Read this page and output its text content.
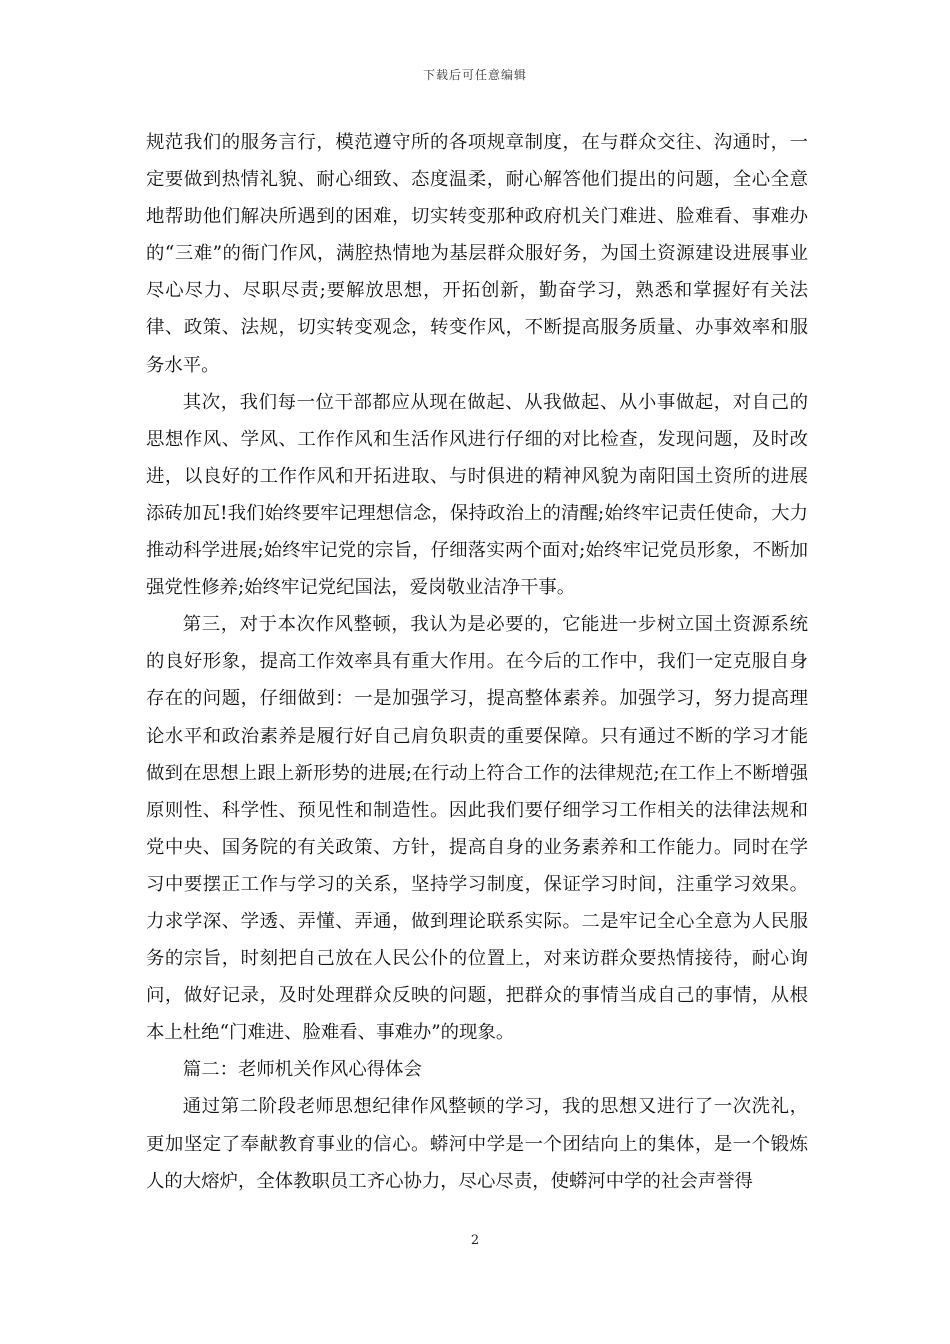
下载后可任意编辑

规范我们的服务言行，模范遵守所的各项规章制度，在与群众交往、沟通时，一定要做到热情礼貌、耐心细致、态度温柔，耐心解答他们提出的问题，全心全意地帮助他们解决所遇到的困难，切实转变那种政府机关门难进、脸难看、事难办的“三难”的衙门作风，满腔热情地为基层群众服好务，为国土资源建设进展事业尽心尽力、尽职尽责;要解放思想，开拓创新，勤奋学习，熟悉和掌握好有关法律、政策、法规，切实转变观念，转变作风，不断提高服务质量、办事效率和服务水平。

其次，我们每一位干部都应从现在做起、从我做起、从小事做起，对自己的思想作风、学风、工作作风和生活作风进行仔细的对比检查，发现问题，及时改进，以良好的工作作风和开拓进取、与时俱进的精神风貌为南阳国土资所的进展添砖加瓦!我们始终要牢记理想信念，保持政治上的清醒;始终牢记责任使命，大力推动科学进展;始终牢记党的宗旨，仔细落实两个面对;始终牢记党员形象，不断加强党性修养;始终牢记党纪国法，爱岗敬业洁净干事。

第三，对于本次作风整顿，我认为是必要的，它能进一步树立国土资源系统的良好形象，提高工作效率具有重大作用。在今后的工作中，我们一定克服自身存在的问题，仔细做到：一是加强学习，提高整体素养。加强学习，努力提高理论水平和政治素养是履行好自己肩负职责的重要保障。只有通过不断的学习才能做到在思想上跟上新形势的进展;在行动上符合工作的法律规范;在工作上不断增强原则性、科学性、预见性和制造性。因此我们要仔细学习工作相关的法律法规和党中央、国务院的有关政策、方针，提高自身的业务素养和工作能力。同时在学习中要摆正工作与学习的关系，坚持学习制度，保证学习时间，注重学习效果。力求学深、学透、弄懂、弄通，做到理论联系实际。二是牢记全心全意为人民服务的宗旨，时刻把自己放在人民公仆的位置上，对来访群众要热情接待，耐心询问，做好记录，及时处理群众反映的问题，把群众的事情当成自己的事情，从根本上杜绝“门难进、脸难看、事难办”的现象。

篇二：老师机关作风心得体会

通过第二阶段老师思想纪律作风整顿的学习，我的思想又进行了一次洗礼，更加坚定了奉献教育事业的信心。蟒河中学是一个团结向上的集体，是一个锻炼人的大熔炉，全体教职员工齐心协力，尽心尽责，使蟒河中学的社会声誉得

2
